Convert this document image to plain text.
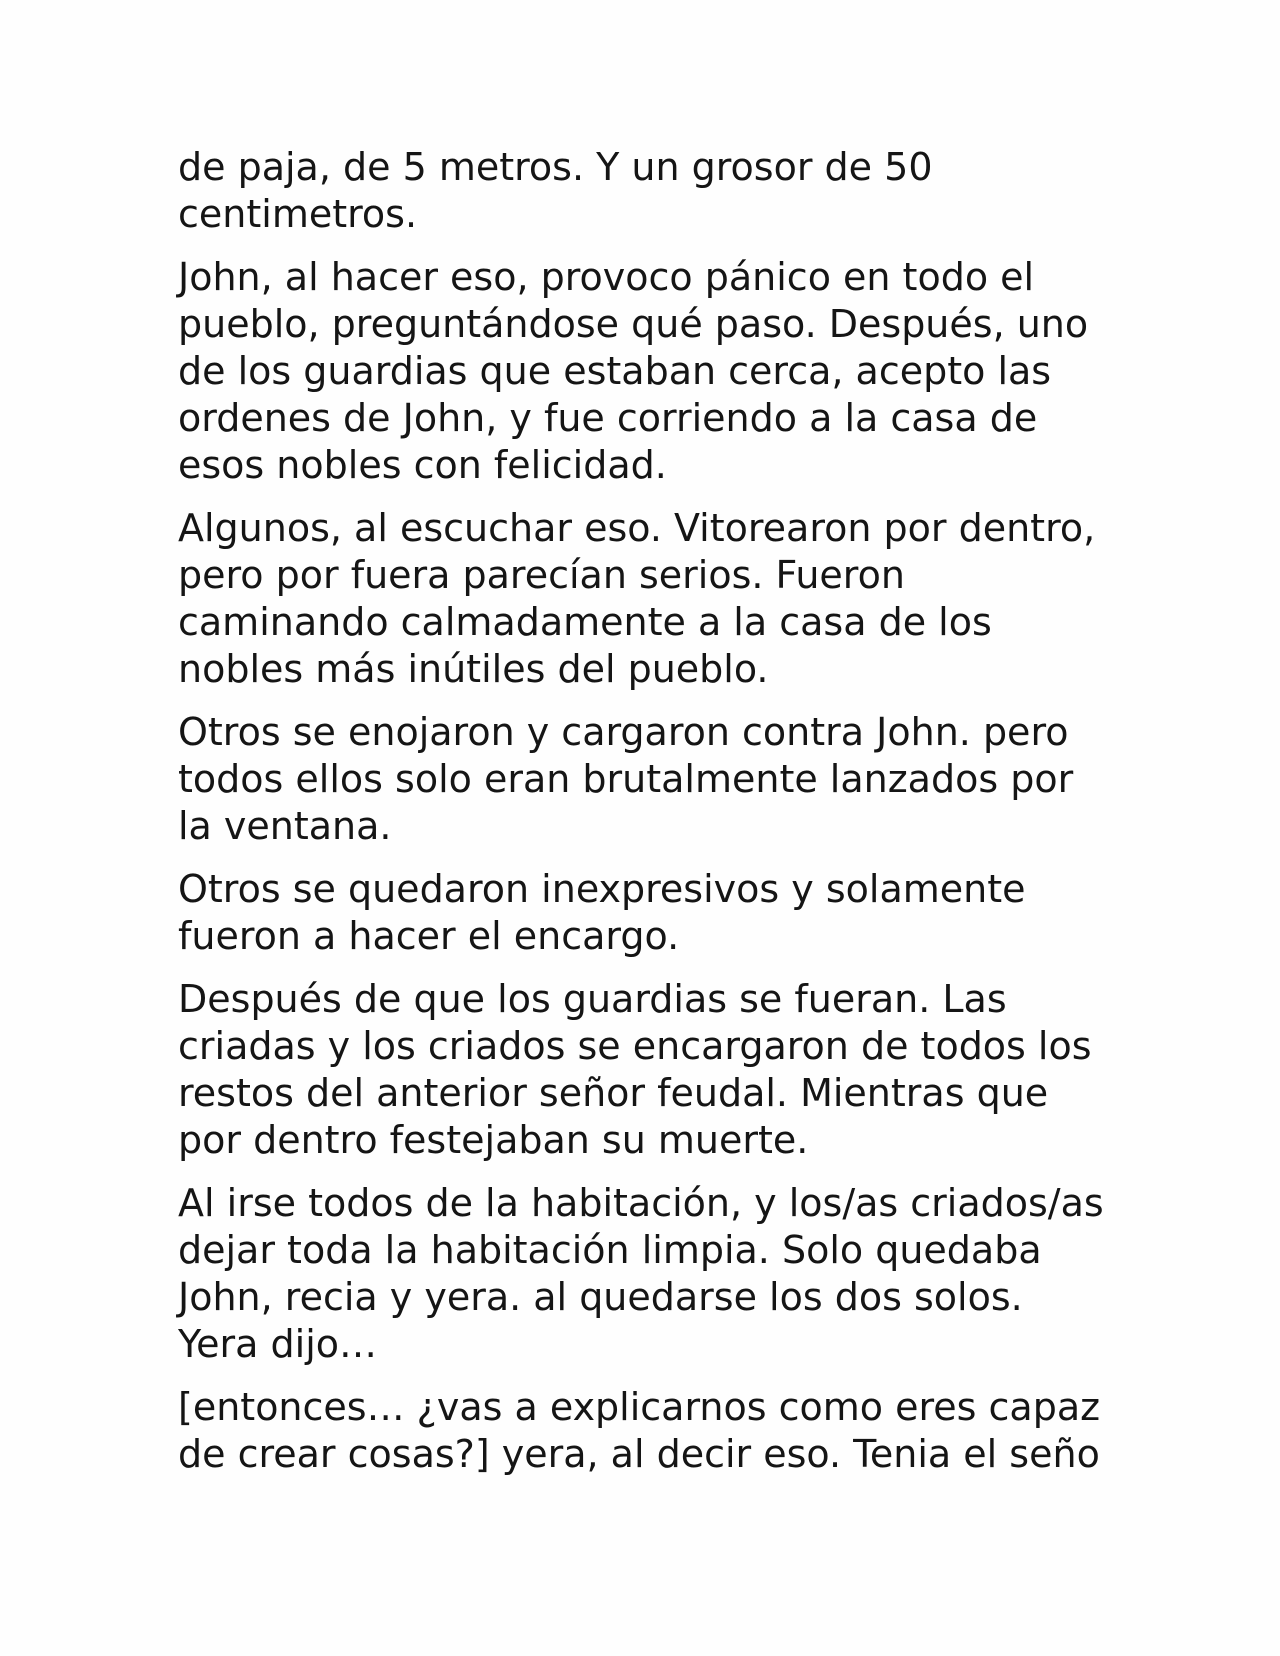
de paja, de 5 metros. Y un grosor de 50
centimetros.

John, al hacer eso, provoco pánico en todo el
pueblo, preguntándose qué paso. Después, uno
de los guardias que estaban cerca, acepto las
ordenes de John, y fue corriendo a la casa de
esos nobles con felicidad.

Algunos, al escuchar eso. Vitorearon por dentro,
pero por fuera parecían serios. Fueron
caminando calmadamente a la casa de los
nobles más inútiles del pueblo.

Otros se enojaron y cargaron contra John. pero
todos ellos solo eran brutalmente lanzados por
la ventana.

Otros se quedaron inexpresivos y solamente
fueron a hacer el encargo.

Después de que los guardias se fueran. Las
criadas y los criados se encargaron de todos los
restos del anterior señor feudal. Mientras que
por dentro festejaban su muerte.

Al irse todos de la habitación, y los/as criados/as
dejar toda la habitación limpia. Solo quedaba
John, recia y yera. al quedarse los dos solos.
Yera dijo…

[entonces… ¿vas a explicarnos como eres capaz
de crear cosas?] yera, al decir eso. Tenia el seño
